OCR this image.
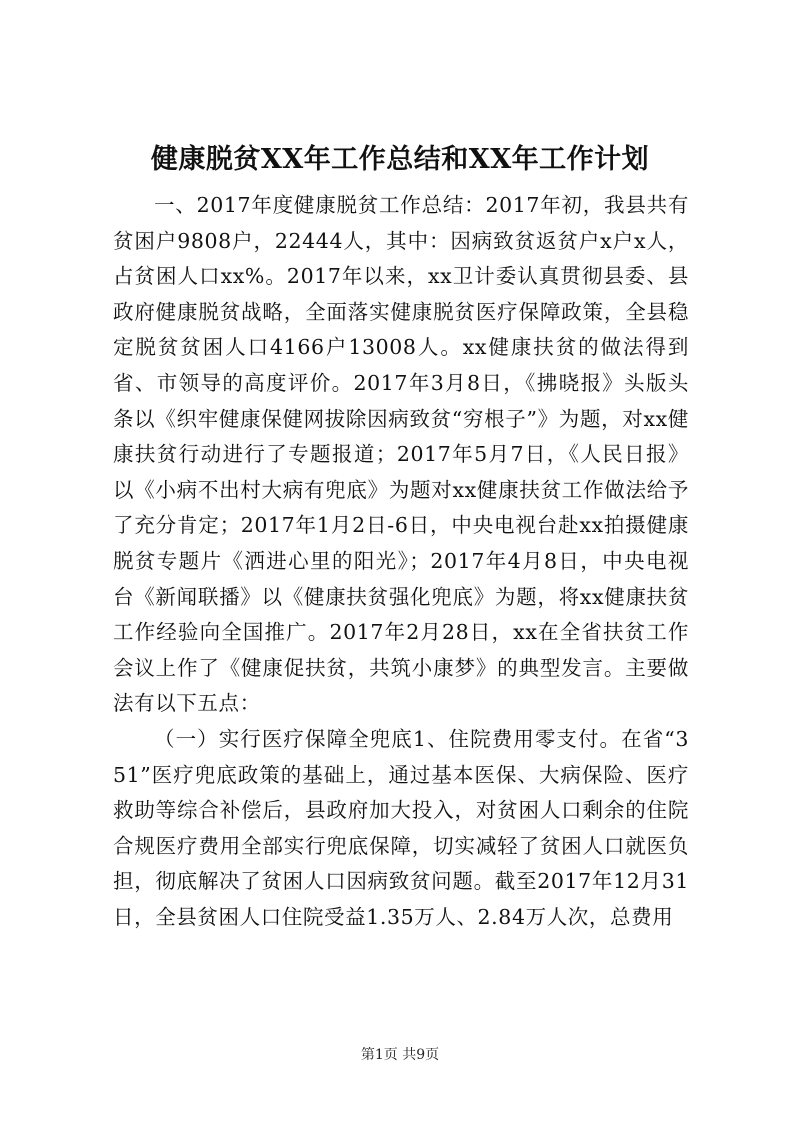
健康脱贫XX年工作总结和XX年工作计划

一、2017年度健康脱贫工作总结：2017年初，我县共有贫困户9808户，22444人，其中：因病致贫返贫户x户x人，占贫困人口xx%。2017年以来，xx卫计委认真贯彻县委、县政府健康脱贫战略，全面落实健康脱贫医疗保障政策，全县稳定脱贫贫困人口4166户13008人。xx健康扶贫的做法得到省、市领导的高度评价。2017年3月8日，《拂晓报》头版头条以《织牢健康保健网拔除因病致贫“穷根子”》为题，对xx健康扶贫行动进行了专题报道；2017年5月7日，《人民日报》以《小病不出村大病有兜底》为题对xx健康扶贫工作做法给予了充分肯定；2017年1月2日-6日，中央电视台赴xx拍摄健康脱贫专题片《洒进心里的阳光》；2017年4月8日，中央电视台《新闻联播》以《健康扶贫强化兜底》为题，将xx健康扶贫工作经验向全国推广。2017年2月28日，xx在全省扶贫工作会议上作了《健康促扶贫，共筑小康梦》的典型发言。主要做法有以下五点：

（一）实行医疗保障全兜底1、住院费用零支付。在省“351”医疗兜底政策的基础上，通过基本医保、大病保险、医疗救助等综合补偿后，县政府加大投入，对贫困人口剩余的住院合规医疗费用全部实行兜底保障，切实减轻了贫困人口就医负担，彻底解决了贫困人口因病致贫问题。截至2017年12月31日，全县贫困人口住院受益1.35万人、2.84万人次，总费用

第1页 共9页
